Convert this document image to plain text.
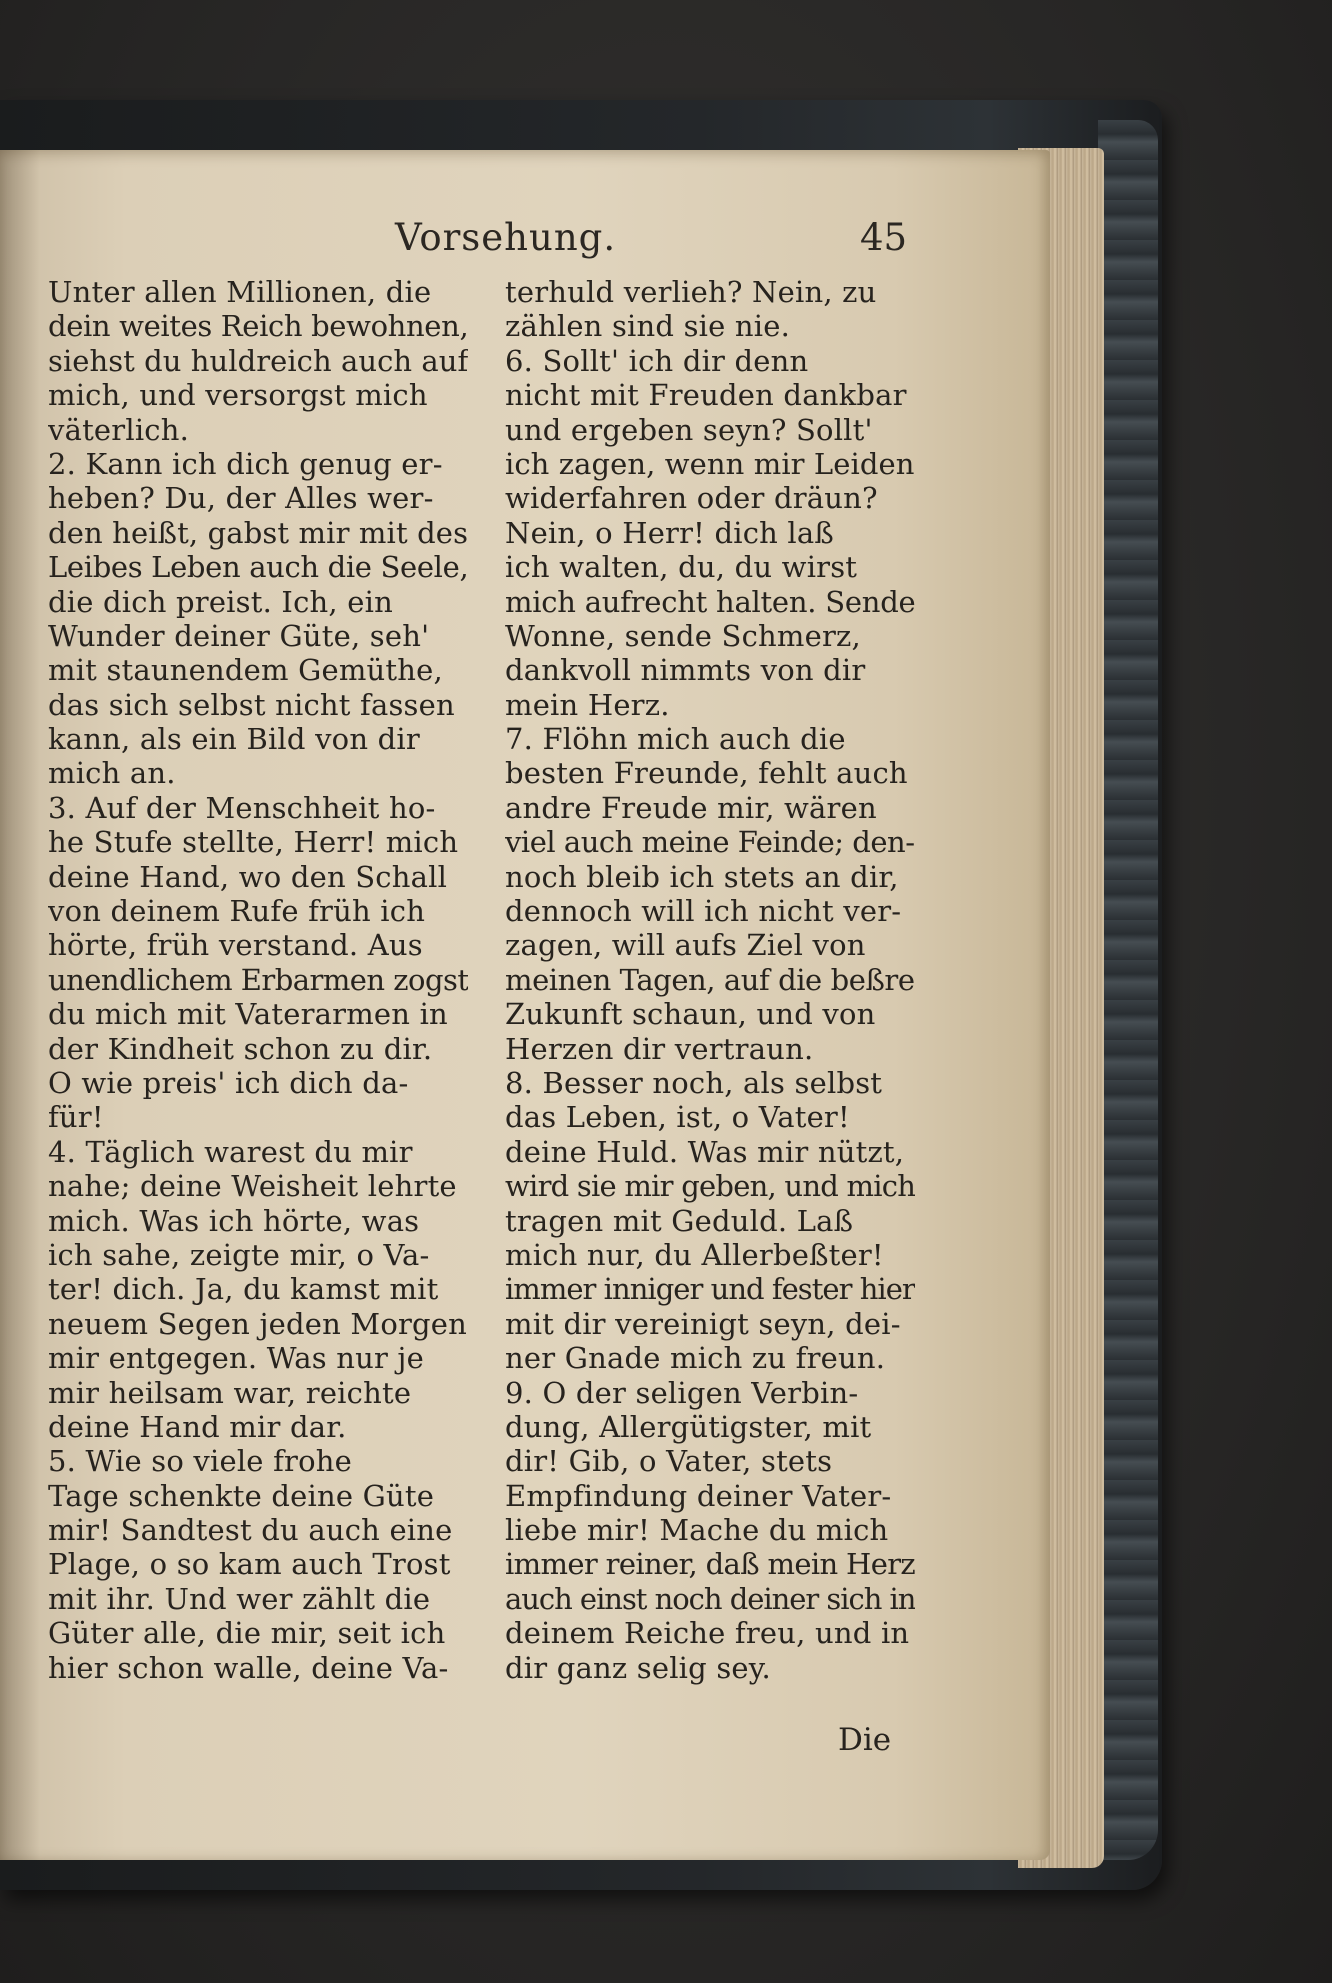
Vorsehung.	45
Unter allen Millionen, die
dein weites Reich bewohnen,
siehst du huldreich auch auf
mich, und versorgst mich
väterlich.
2. Kann ich dich genug er-
heben? Du, der Alles wer-
den heißt, gabst mir mit des
Leibes Leben auch die Seele,
die dich preist. Ich, ein
Wunder deiner Güte, seh'
mit staunendem Gemüthe,
das sich selbst nicht fassen
kann, als ein Bild von dir
mich an.
3. Auf der Menschheit ho-
he Stufe stellte, Herr! mich
deine Hand, wo den Schall
von deinem Rufe früh ich
hörte, früh verstand. Aus
unendlichem Erbarmen zogst
du mich mit Vaterarmen in
der Kindheit schon zu dir.
O wie preis' ich dich da-
für!
4. Täglich warest du mir
nahe; deine Weisheit lehrte
mich. Was ich hörte, was
ich sahe, zeigte mir, o Va-
ter! dich. Ja, du kamst mit
neuem Segen jeden Morgen
mir entgegen. Was nur je
mir heilsam war, reichte
deine Hand mir dar.
5. Wie so viele frohe
Tage schenkte deine Güte
mir! Sandtest du auch eine
Plage, o so kam auch Trost
mit ihr. Und wer zählt die
Güter alle, die mir, seit ich
hier schon walle, deine Va-
terhuld verlieh? Nein, zu
zählen sind sie nie.
6. Sollt' ich dir denn
nicht mit Freuden dankbar
und ergeben seyn? Sollt'
ich zagen, wenn mir Leiden
widerfahren oder dräun?
Nein, o Herr! dich laß
ich walten, du, du wirst
mich aufrecht halten. Sende
Wonne, sende Schmerz,
dankvoll nimmts von dir
mein Herz.
7. Flöhn mich auch die
besten Freunde, fehlt auch
andre Freude mir, wären
viel auch meine Feinde; den-
noch bleib ich stets an dir,
dennoch will ich nicht ver-
zagen, will aufs Ziel von
meinen Tagen, auf die beßre
Zukunft schaun, und von
Herzen dir vertraun.
8. Besser noch, als selbst
das Leben, ist, o Vater!
deine Huld. Was mir nützt,
wird sie mir geben, und mich
tragen mit Geduld. Laß
mich nur, du Allerbeßter!
immer inniger und fester hier
mit dir vereinigt seyn, dei-
ner Gnade mich zu freun.
9. O der seligen Verbin-
dung, Allergütigster, mit
dir! Gib, o Vater, stets
Empfindung deiner Vater-
liebe mir! Mache du mich
immer reiner, daß mein Herz
auch einst noch deiner sich in
deinem Reiche freu, und in
dir ganz selig sey.
Die
